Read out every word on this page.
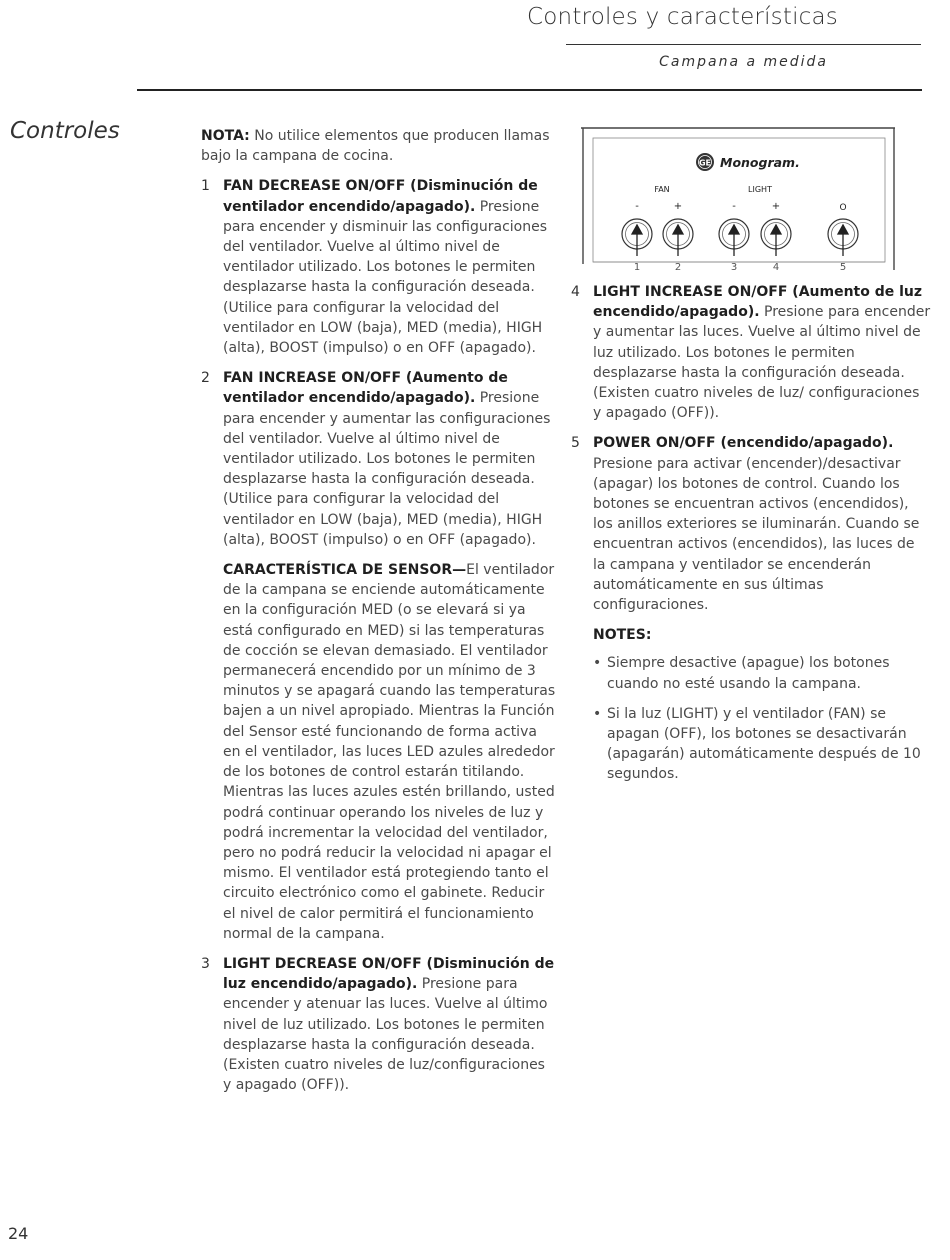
Controles y características
Campana a medida
Controles	NOTA: No utilice elementos que producen llamas bajo la campana de cocina.
1 FAN DECREASE ON/OFF (Disminución de ventilador encendido/apagado). Presione para encender y disminuir las configuraciones del ventilador. Vuelve al último nivel de ventilador utilizado. Los botones le permiten desplazarse hasta la configuración deseada. (Utilice para configurar la velocidad del ventilador en LOW (baja), MED (media), HIGH (alta), BOOST (impulso) o en OFF (apagado).
2 FAN INCREASE ON/OFF (Aumento de ventilador encendido/apagado). Presione para encender y aumentar las configuraciones del ventilador. Vuelve al último nivel de ventilador utilizado. Los botones le permiten desplazarse hasta la configuración deseada. (Utilice para configurar la velocidad del ventilador en LOW (baja), MED (media), HIGH (alta), BOOST (impulso) o en OFF (apagado).
CARACTERÍSTICA DE SENSOR—El ventilador de la campana se enciende automáticamente en la configuración MED (o se elevará si ya está configurado en MED) si las temperaturas de cocción se elevan demasiado. El ventilador permanecerá encendido por un mínimo de 3 minutos y se apagará cuando las temperaturas bajen a un nivel apropiado. Mientras la Función del Sensor esté funcionando de forma activa en el ventilador, las luces LED azules alrededor de los botones de control estarán titilando. Mientras las luces azules estén brillando, usted podrá continuar operando los niveles de luz y podrá incrementar la velocidad del ventilador, pero no podrá reducir la velocidad ni apagar el mismo. El ventilador está protegiendo tanto el circuito electrónico como el gabinete. Reducir el nivel de calor permitirá el funcionamiento normal de la campana.
3 LIGHT DECREASE ON/OFF (Disminución de luz encendido/apagado). Presione para encender y atenuar las luces. Vuelve al último nivel de luz utilizado. Los botones le permiten desplazarse hasta la configuración deseada. (Existen cuatro niveles de luz/configuraciones y apagado (OFF)).
GE Monogram.
FAN	LIGHT
-	+	-	+	O
1	2	3	4	5
4 LIGHT INCREASE ON/OFF (Aumento de luz encendido/apagado). Presione para encender y aumentar las luces. Vuelve al último nivel de luz utilizado. Los botones le permiten desplazarse hasta la configuración deseada. (Existen cuatro niveles de luz/ configuraciones y apagado (OFF)).
5 POWER ON/OFF (encendido/apagado). Presione para activar (encender)/desactivar (apagar) los botones de control. Cuando los botones se encuentran activos (encendidos), los anillos exteriores se iluminarán. Cuando se encuentran activos (encendidos), las luces de la campana y ventilador se encenderán automáticamente en sus últimas configuraciones.
NOTES:
• Siempre desactive (apague) los botones cuando no esté usando la campana.
• Si la luz (LIGHT) y el ventilador (FAN) se apagan (OFF), los botones se desactivarán (apagarán) automáticamente después de 10 segundos.
24
